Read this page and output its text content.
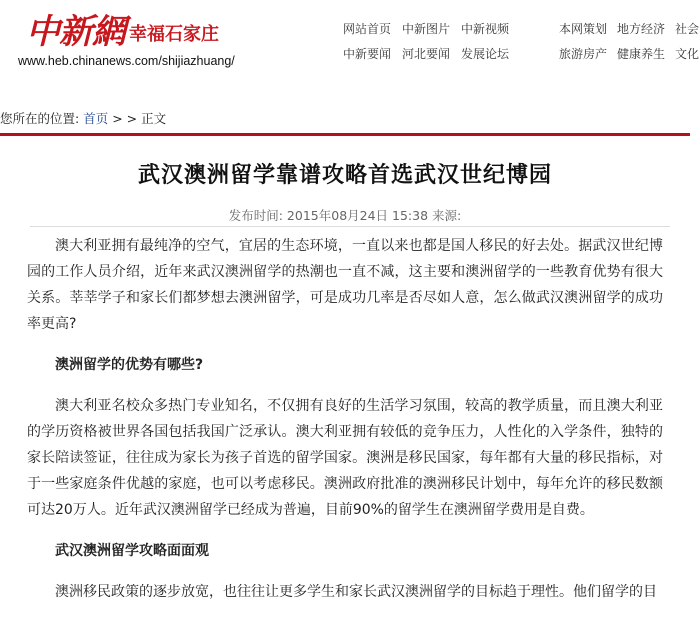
中新網 幸福石家庄
www.heb.chinanews.com/shijiazhuang/
网站首页 中新图片 中新视频
中新要闻 河北要闻 发展论坛
本网策划 地方经济 社会
旅游房产 健康养生 文化
您所在的位置: 首页 > > 正文
武汉澳洲留学靠谱攻略首选武汉世纪博园
发布时间: 2015年08月24日 15:38 来源:

澳大利亚拥有最纯净的空气，宜居的生态环境，一直以来也都是国人移民的好去处。据武汉世纪博园的工作人员介绍，近年来武汉澳洲留学的热潮也一直不减，这主要和澳洲留学的一些教育优势有很大关系。莘莘学子和家长们都梦想去澳洲留学，可是成功几率是否尽如人意，怎么做武汉澳洲留学的成功率更高?

澳洲留学的优势有哪些?

澳大利亚名校众多热门专业知名，不仅拥有良好的生活学习氛围，较高的教学质量，而且澳大利亚的学历资格被世界各国包括我国广泛承认。澳大利亚拥有较低的竞争压力，人性化的入学条件，独特的家长陪读签证，往往成为家长为孩子首选的留学国家。澳洲是移民国家，每年都有大量的移民指标，对于一些家庭条件优越的家庭，也可以考虑移民。澳洲政府批准的澳洲移民计划中，每年允许的移民数额可达20万人。近年武汉澳洲留学已经成为普遍，目前90%的留学生在澳洲留学费用是自费。

武汉澳洲留学攻略面面观

澳洲移民政策的逐步放宽，也往往让更多学生和家长武汉澳洲留学的目标趋于理性。他们留学的目
